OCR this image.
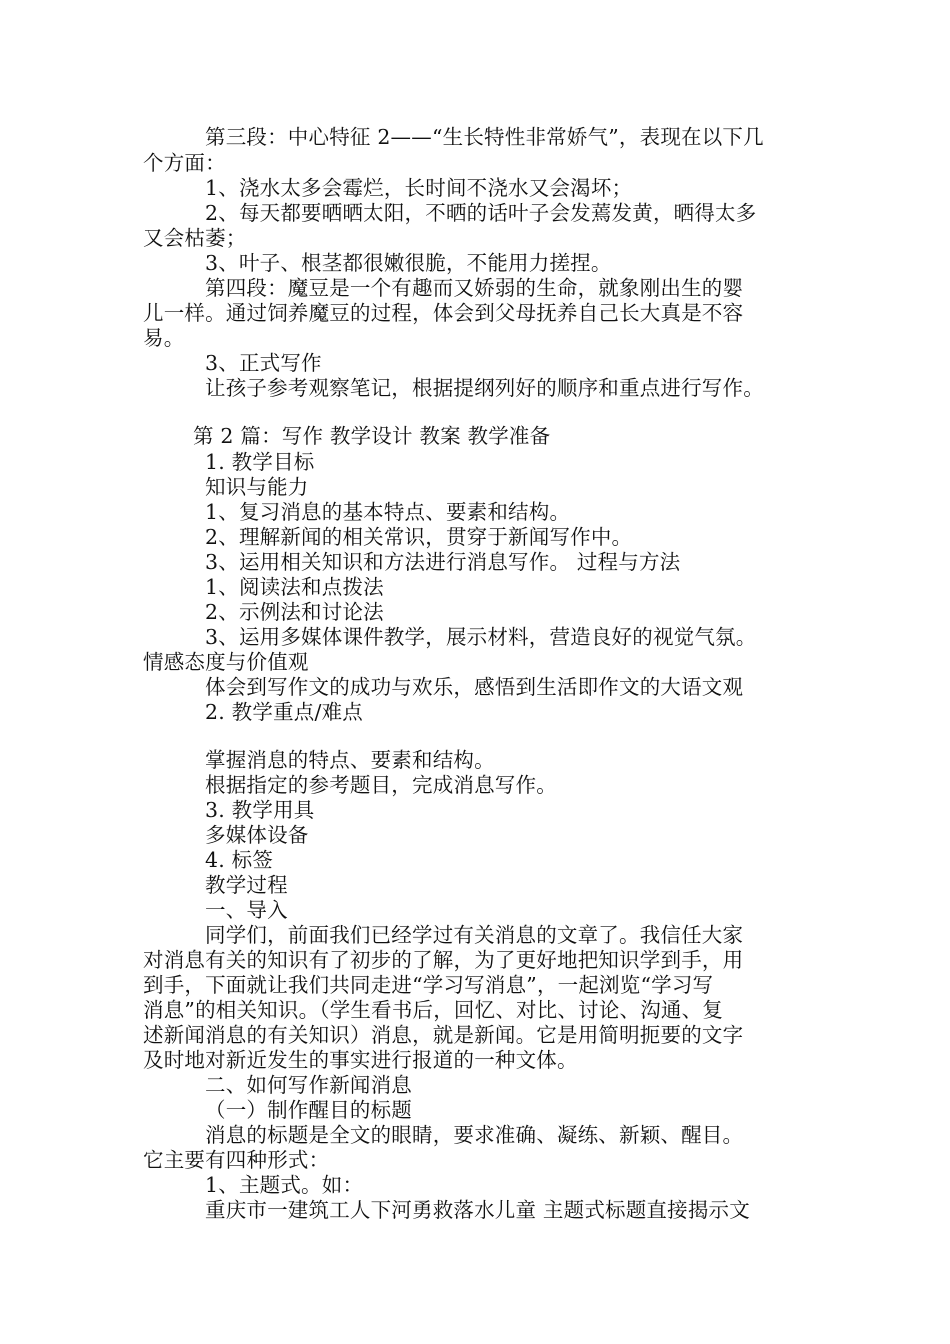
第三段：中心特征 2——“生长特性非常娇气”，表现在以下几
个方面：
1、浇水太多会霉烂，长时间不浇水又会渴坏；
2、每天都要晒晒太阳，不晒的话叶子会发蔫发黄，晒得太多
又会枯萎；
3、叶子、根茎都很嫩很脆，不能用力搓捏。
第四段：魔豆是一个有趣而又娇弱的生命，就象刚出生的婴
儿一样。通过饲养魔豆的过程，体会到父母抚养自己长大真是不容
易。
3、正式写作
让孩子参考观察笔记，根据提纲列好的顺序和重点进行写作。
第 2 篇：写作 教学设计 教案 教学准备
1. 教学目标
知识与能力
1、复习消息的基本特点、要素和结构。
2、理解新闻的相关常识，贯穿于新闻写作中。
3、运用相关知识和方法进行消息写作。 过程与方法
1、阅读法和点拨法
2、示例法和讨论法
3、运用多媒体课件教学，展示材料，营造良好的视觉气氛。
情感态度与价值观
体会到写作文的成功与欢乐，感悟到生活即作文的大语文观
2. 教学重点/难点
掌握消息的特点、要素和结构。
根据指定的参考题目，完成消息写作。
3. 教学用具
多媒体设备
4. 标签
教学过程
一、导入
同学们，前面我们已经学过有关消息的文章了。我信任大家
对消息有关的知识有了初步的了解，为了更好地把知识学到手，用
到手，下面就让我们共同走进“学习写消息”，一起浏览“学习写
消息”的相关知识。（学生看书后，回忆、对比、讨论、沟通、复
述新闻消息的有关知识）消息，就是新闻。它是用简明扼要的文字
及时地对新近发生的事实进行报道的一种文体。
二、如何写作新闻消息
（一）制作醒目的标题
消息的标题是全文的眼睛，要求准确、凝练、新颖、醒目。
它主要有四种形式：
1、主题式。如：
重庆市一建筑工人下河勇救落水儿童 主题式标题直接揭示文
